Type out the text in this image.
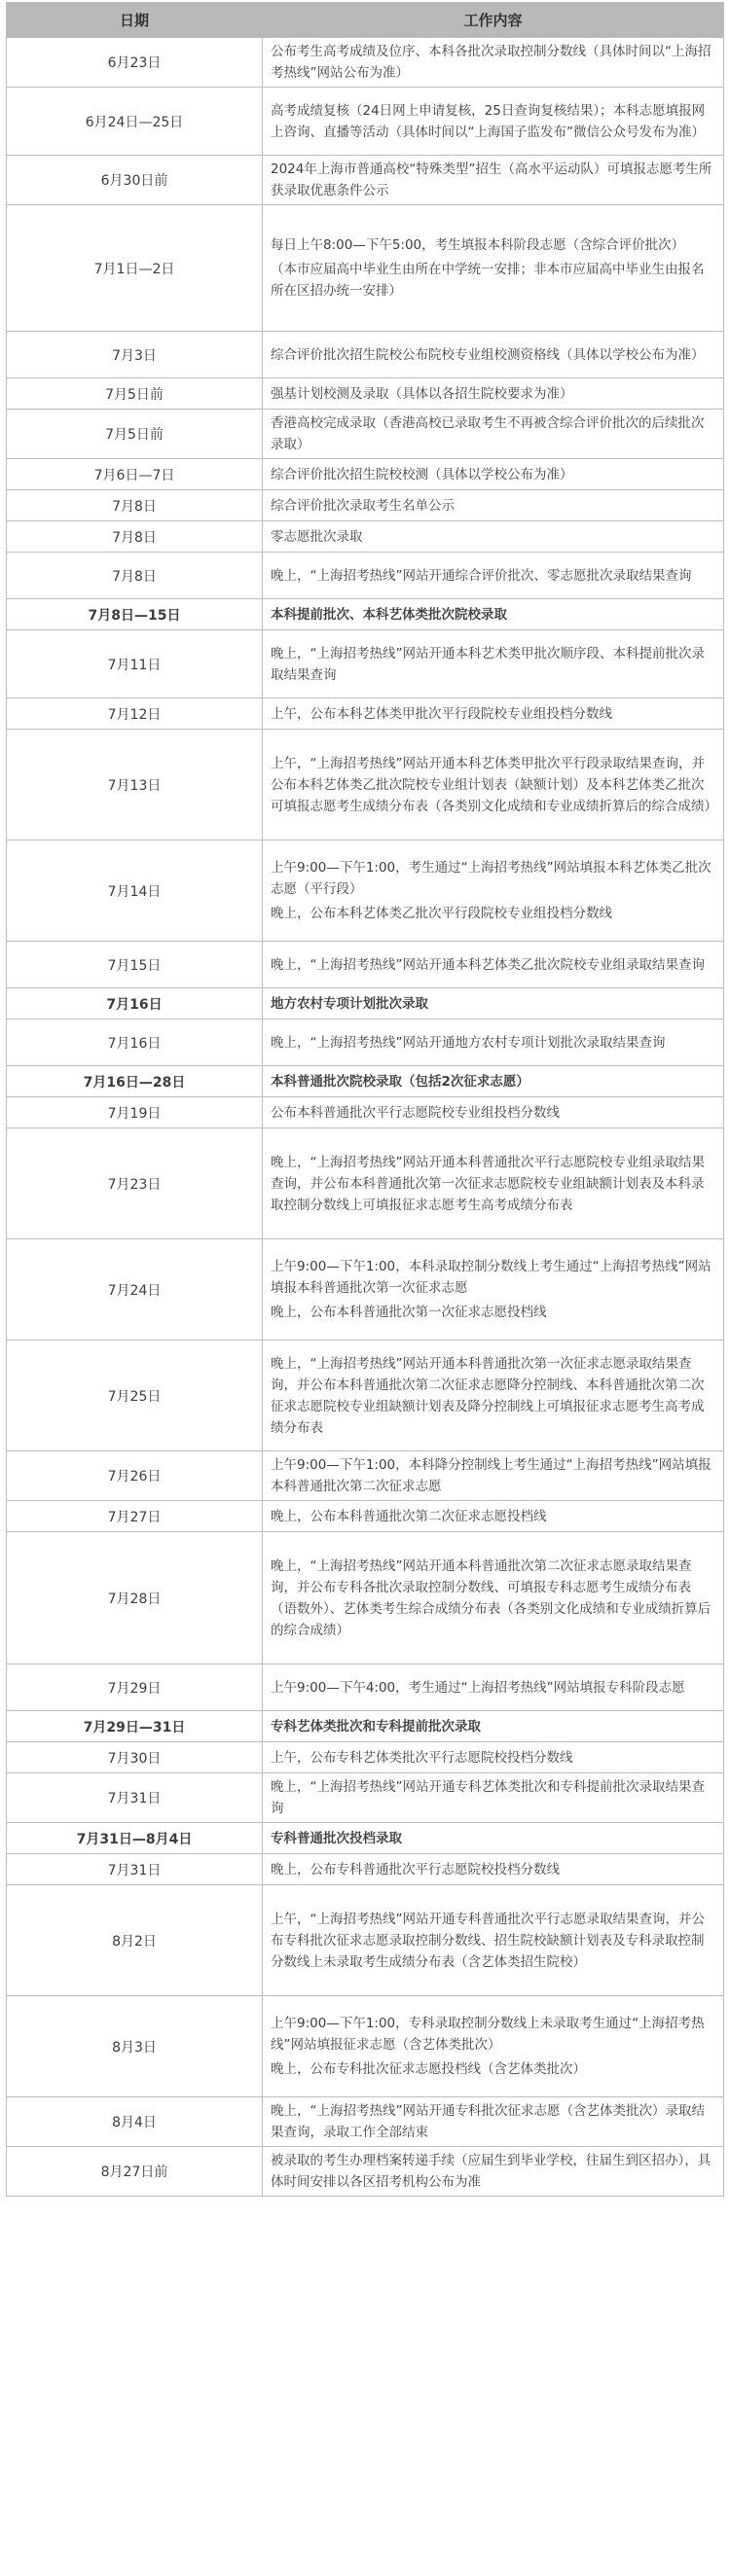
日期	工作内容
6月23日	公布考生高考成绩及位序、本科各批次录取控制分数线（具体时间以“上海招考热线”网站公布为准）

6月24日—25日	高考成绩复核（24日网上申请复核，25日查询复核结果）；本科志愿填报网上咨询、直播等活动（具体时间以“上海国子监发布”微信公众号发布为准）

6月30日前	2024年上海市普通高校“特殊类型”招生（高水平运动队）可填报志愿考生所获录取优惠条件公示

7月1日—2日	每日上午8:00—下午5:00，考生填报本科阶段志愿（含综合评价批次）
（本市应届高中毕业生由所在中学统一安排；非本市应届高中毕业生由报名所在区招办统一安排）

7月3日	综合评价批次招生院校公布院校专业组校测资格线（具体以学校公布为准）

7月5日前	强基计划校测及录取（具体以各招生院校要求为准）

7月5日前	香港高校完成录取（香港高校已录取考生不再被含综合评价批次的后续批次录取）

7月6日—7日	综合评价批次招生院校校测（具体以学校公布为准）

7月8日	综合评价批次录取考生名单公示

7月8日	零志愿批次录取

7月8日	晚上，“上海招考热线”网站开通综合评价批次、零志愿批次录取结果查询

7月8日—15日	本科提前批次、本科艺体类批次院校录取

7月11日	晚上，“上海招考热线”网站开通本科艺术类甲批次顺序段、本科提前批次录取结果查询

7月12日	上午，公布本科艺体类甲批次平行段院校专业组投档分数线

7月13日	上午，“上海招考热线”网站开通本科艺体类甲批次平行段录取结果查询，并公布本科艺体类乙批次院校专业组计划表（缺额计划）及本科艺体类乙批次可填报志愿考生成绩分布表（各类别文化成绩和专业成绩折算后的综合成绩）

7月14日	上午9:00—下午1:00，考生通过“上海招考热线”网站填报本科艺体类乙批次志愿（平行段）
晚上，公布本科艺体类乙批次平行段院校专业组投档分数线

7月15日	晚上，“上海招考热线”网站开通本科艺体类乙批次院校专业组录取结果查询

7月16日	地方农村专项计划批次录取

7月16日	晚上，“上海招考热线”网站开通地方农村专项计划批次录取结果查询

7月16日—28日	本科普通批次院校录取（包括2次征求志愿）

7月19日	公布本科普通批次平行志愿院校专业组投档分数线

7月23日	晚上，“上海招考热线”网站开通本科普通批次平行志愿院校专业组录取结果查询，并公布本科普通批次第一次征求志愿院校专业组缺额计划表及本科录取控制分数线上可填报征求志愿考生高考成绩分布表

7月24日	上午9:00—下午1:00，本科录取控制分数线上考生通过“上海招考热线”网站填报本科普通批次第一次征求志愿
晚上，公布本科普通批次第一次征求志愿投档线

7月25日	晚上，“上海招考热线”网站开通本科普通批次第一次征求志愿录取结果查询，并公布本科普通批次第二次征求志愿降分控制线、本科普通批次第二次征求志愿院校专业组缺额计划表及降分控制线上可填报征求志愿考生高考成绩分布表

7月26日	上午9:00—下午1:00，本科降分控制线上考生通过“上海招考热线”网站填报本科普通批次第二次征求志愿

7月27日	晚上，公布本科普通批次第二次征求志愿投档线

7月28日	晚上，“上海招考热线”网站开通本科普通批次第二次征求志愿录取结果查询，并公布专科各批次录取控制分数线、可填报专科志愿考生成绩分布表（语数外）、艺体类考生综合成绩分布表（各类别文化成绩和专业成绩折算后的综合成绩）

7月29日	上午9:00—下午4:00，考生通过“上海招考热线”网站填报专科阶段志愿

7月29日—31日	专科艺体类批次和专科提前批次录取

7月30日	上午，公布专科艺体类批次平行志愿院校投档分数线

7月31日	晚上，“上海招考热线”网站开通专科艺体类批次和专科提前批次录取结果查询

7月31日—8月4日	专科普通批次投档录取

7月31日	晚上，公布专科普通批次平行志愿院校投档分数线

8月2日	上午，“上海招考热线”网站开通专科普通批次平行志愿录取结果查询，并公布专科批次征求志愿录取控制分数线、招生院校缺额计划表及专科录取控制分数线上未录取考生成绩分布表（含艺体类招生院校）

8月3日	上午9:00—下午1:00，专科录取控制分数线上未录取考生通过“上海招考热线”网站填报征求志愿（含艺体类批次）
晚上，公布专科批次征求志愿投档线（含艺体类批次）

8月4日	晚上，“上海招考热线”网站开通专科批次征求志愿（含艺体类批次）录取结果查询，录取工作全部结束

8月27日前	被录取的考生办理档案转递手续（应届生到毕业学校，往届生到区招办），具体时间安排以各区招考机构公布为准
